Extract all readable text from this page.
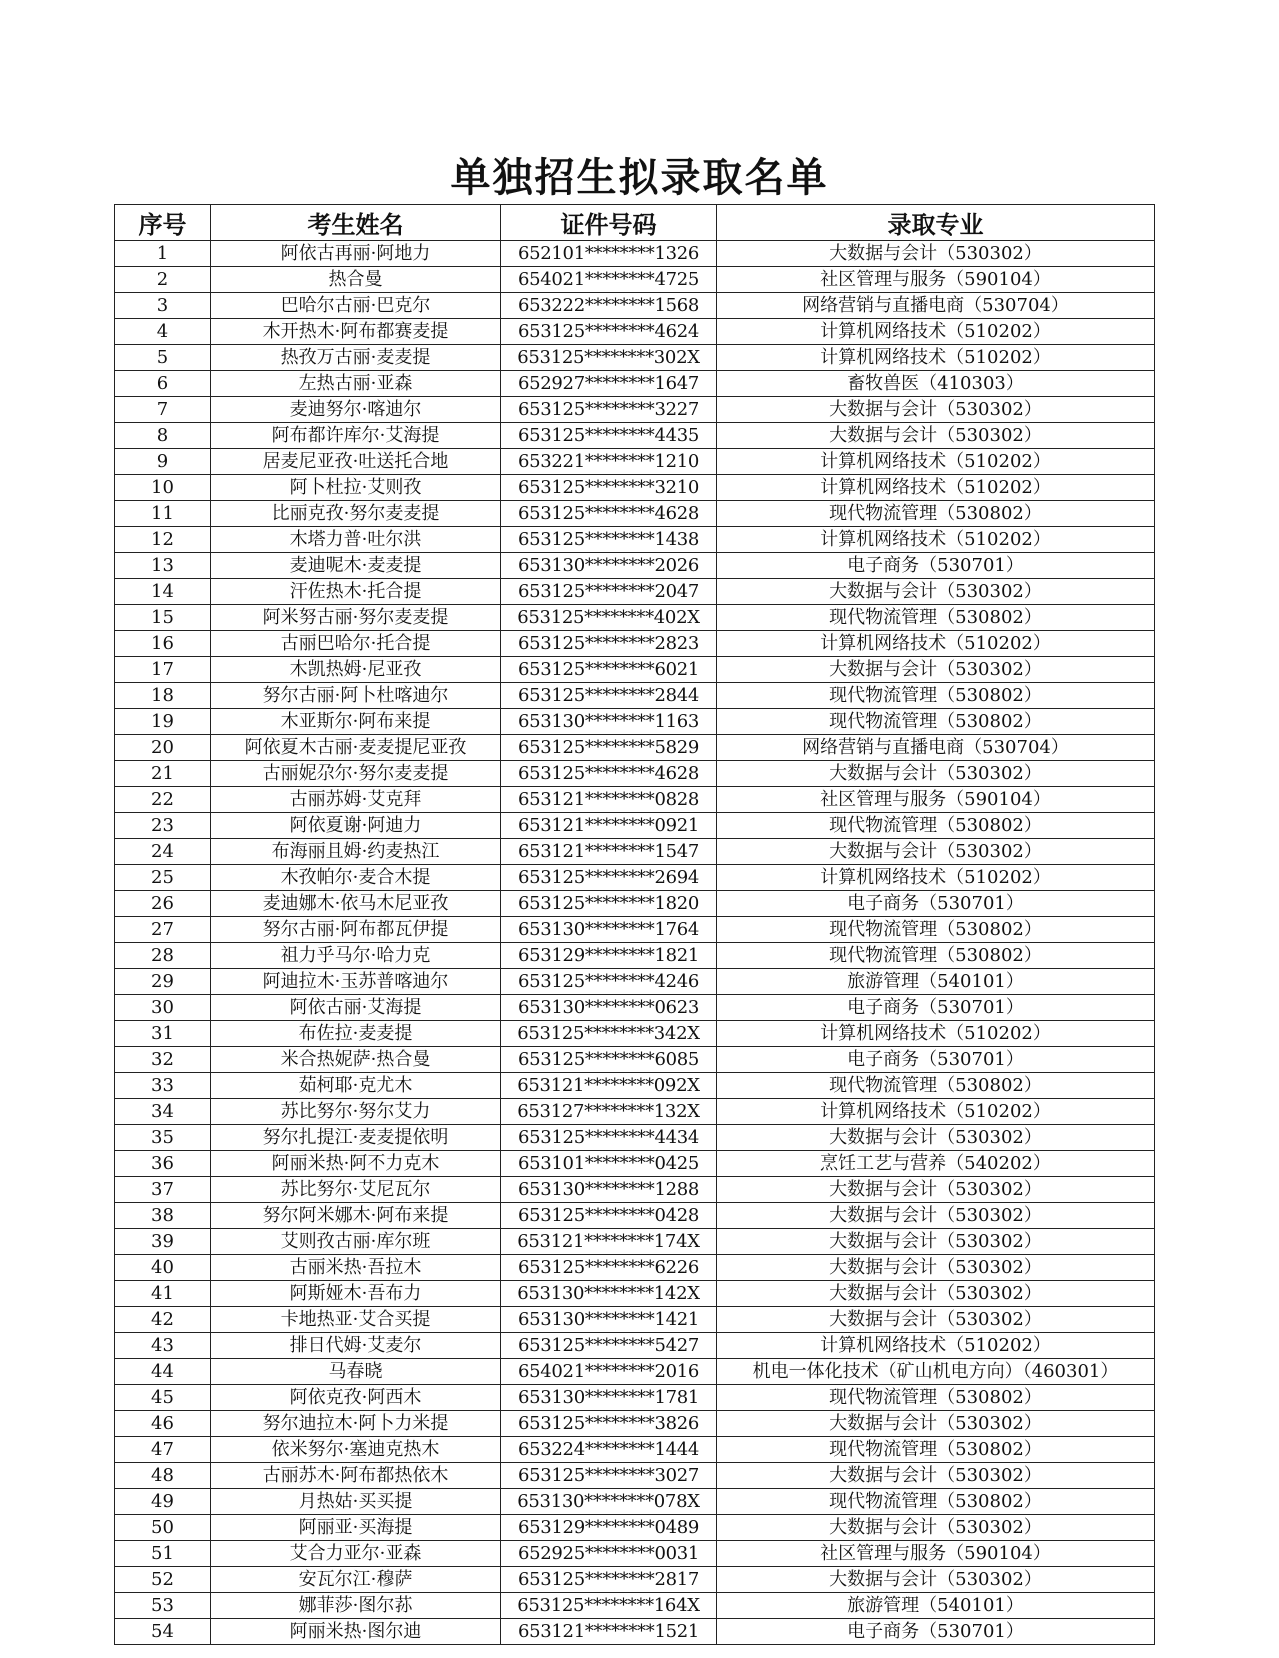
单独招生拟录取名单
序号	考生姓名	证件号码	录取专业
1	阿依古再丽·阿地力	652101********1326	大数据与会计（530302）
2	热合曼	654021********4725	社区管理与服务（590104）
3	巴哈尔古丽·巴克尔	653222********1568	网络营销与直播电商（530704）
4	木开热木·阿布都赛麦提	653125********4624	计算机网络技术（510202）
5	热孜万古丽·麦麦提	653125********302X	计算机网络技术（510202）
6	左热古丽·亚森	652927********1647	畜牧兽医（410303）
7	麦迪努尔·喀迪尔	653125********3227	大数据与会计（530302）
8	阿布都许库尔·艾海提	653125********4435	大数据与会计（530302）
9	居麦尼亚孜·吐送托合地	653221********1210	计算机网络技术（510202）
10	阿卜杜拉·艾则孜	653125********3210	计算机网络技术（510202）
11	比丽克孜·努尔麦麦提	653125********4628	现代物流管理（530802）
12	木塔力普·吐尔洪	653125********1438	计算机网络技术（510202）
13	麦迪呢木·麦麦提	653130********2026	电子商务（530701）
14	汗佐热木·托合提	653125********2047	大数据与会计（530302）
15	阿米努古丽·努尔麦麦提	653125********402X	现代物流管理（530802）
16	古丽巴哈尔·托合提	653125********2823	计算机网络技术（510202）
17	木凯热姆·尼亚孜	653125********6021	大数据与会计（530302）
18	努尔古丽·阿卜杜喀迪尔	653125********2844	现代物流管理（530802）
19	木亚斯尔·阿布来提	653130********1163	现代物流管理（530802）
20	阿依夏木古丽·麦麦提尼亚孜	653125********5829	网络营销与直播电商（530704）
21	古丽妮尕尔·努尔麦麦提	653125********4628	大数据与会计（530302）
22	古丽苏姆·艾克拜	653121********0828	社区管理与服务（590104）
23	阿依夏谢·阿迪力	653121********0921	现代物流管理（530802）
24	布海丽且姆·约麦热江	653121********1547	大数据与会计（530302）
25	木孜帕尔·麦合木提	653125********2694	计算机网络技术（510202）
26	麦迪娜木·依马木尼亚孜	653125********1820	电子商务（530701）
27	努尔古丽·阿布都瓦伊提	653130********1764	现代物流管理（530802）
28	祖力乎马尔·哈力克	653129********1821	现代物流管理（530802）
29	阿迪拉木·玉苏普喀迪尔	653125********4246	旅游管理（540101）
30	阿依古丽·艾海提	653130********0623	电子商务（530701）
31	布佐拉·麦麦提	653125********342X	计算机网络技术（510202）
32	米合热妮萨·热合曼	653125********6085	电子商务（530701）
33	茹柯耶·克尤木	653121********092X	现代物流管理（530802）
34	苏比努尔·努尔艾力	653127********132X	计算机网络技术（510202）
35	努尔扎提江·麦麦提依明	653125********4434	大数据与会计（530302）
36	阿丽米热·阿不力克木	653101********0425	烹饪工艺与营养（540202）
37	苏比努尔·艾尼瓦尔	653130********1288	大数据与会计（530302）
38	努尔阿米娜木·阿布来提	653125********0428	大数据与会计（530302）
39	艾则孜古丽·库尔班	653121********174X	大数据与会计（530302）
40	古丽米热·吾拉木	653125********6226	大数据与会计（530302）
41	阿斯娅木·吾布力	653130********142X	大数据与会计（530302）
42	卡地热亚·艾合买提	653130********1421	大数据与会计（530302）
43	排日代姆·艾麦尔	653125********5427	计算机网络技术（510202）
44	马春晓	654021********2016	机电一体化技术（矿山机电方向）（460301）
45	阿依克孜·阿西木	653130********1781	现代物流管理（530802）
46	努尔迪拉木·阿卜力米提	653125********3826	大数据与会计（530302）
47	依米努尔·塞迪克热木	653224********1444	现代物流管理（530802）
48	古丽苏木·阿布都热依木	653125********3027	大数据与会计（530302）
49	月热姑·买买提	653130********078X	现代物流管理（530802）
50	阿丽亚·买海提	653129********0489	大数据与会计（530302）
51	艾合力亚尔·亚森	652925********0031	社区管理与服务（590104）
52	安瓦尔江·穆萨	653125********2817	大数据与会计（530302）
53	娜菲莎·图尔荪	653125********164X	旅游管理（540101）
54	阿丽米热·图尔迪	653121********1521	电子商务（530701）
